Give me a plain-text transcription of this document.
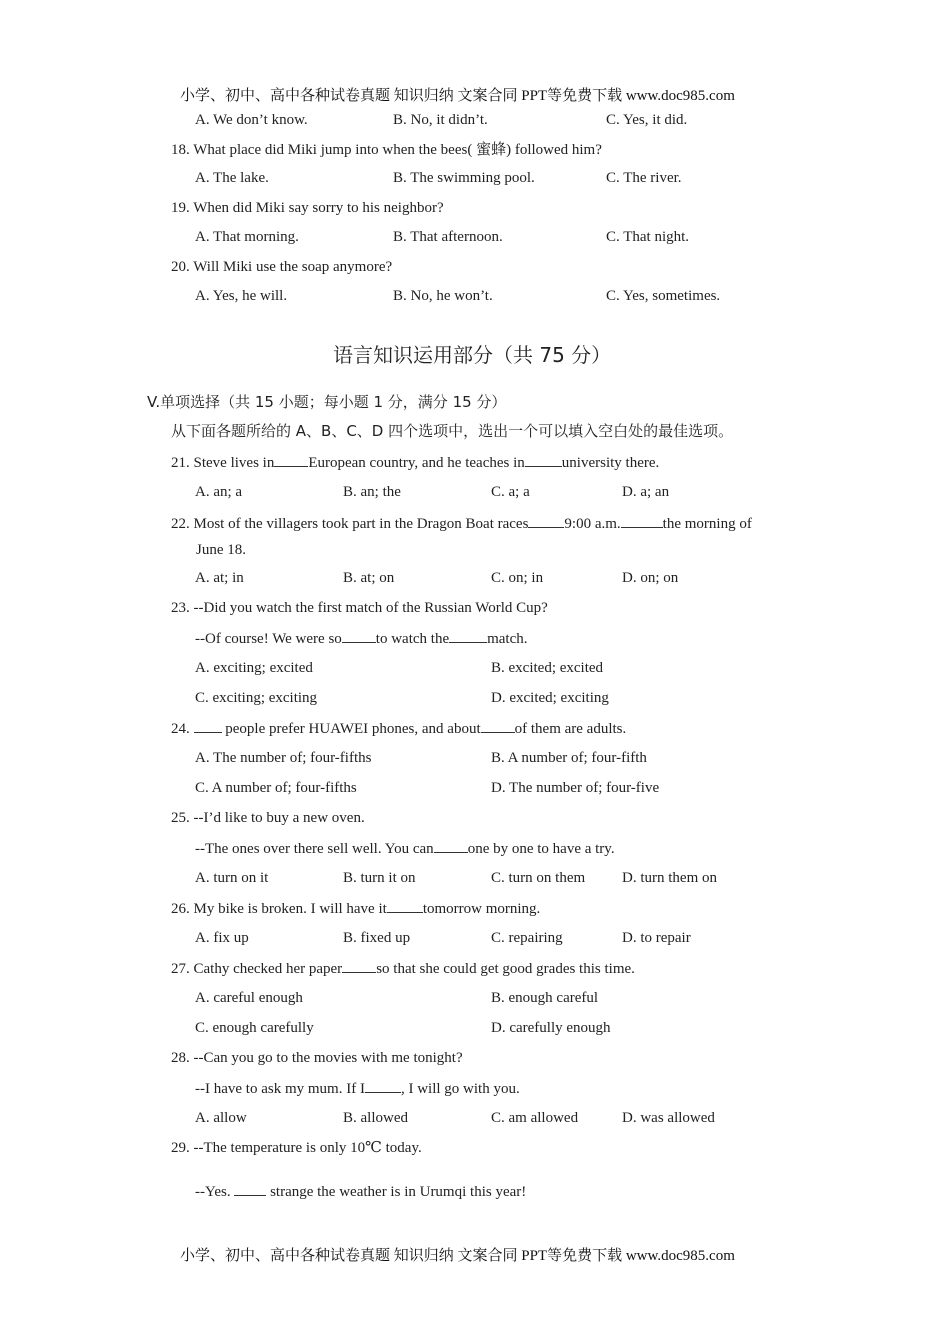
小学、初中、高中各种试卷真题 知识归纳 文案合同 PPT等免费下载 www.doc985.com
A. We don’t know.	B. No, it didn’t.	C. Yes, it did.
18. What place did Miki jump into when the bees( 蜜蜂) followed him?
A. The lake.	B. The swimming pool.	C. The river.
19. When did Miki say sorry to his neighbor?
A. That morning.	B. That afternoon.	C. That night.
20. Will Miki use the soap anymore?
A. Yes, he will.	B. No, he won’t.	C. Yes, sometimes.
语言知识运用部分（共 75 分）
V.单项选择（共 15 小题；每小题 1 分，满分 15 分）
从下面各题所给的 A、B、C、D 四个选项中，选出一个可以填入空白处的最佳选项。
21. Steve lives in European country, and he teaches in university there.
A. an; a	B. an; the	C. a; a	D. a; an
22. Most of the villagers took part in the Dragon Boat races 9:00 a.m.	the morning of
June 18.
A. at; in	B. at; on	C. on; in	D. on; on
23. --Did you watch the first match of the Russian World Cup?
--Of course! We were so to watch the	match.
A. exciting; excited	B. excited; excited
C. exciting; exciting	D. excited; exciting
24. people prefer HUAWEI phones, and about of them are adults.
A. The number of; four-fifths	B. A number of; four-fifth
C. A number of; four-fifths	D. The number of; four-five
25. --I’d like to buy a new oven.
--The ones over there sell well. You can one by one to have a try.
A. turn on it	B. turn it on	C. turn on them D. turn them on
26. My bike is broken. I will have it tomorrow morning.
A. fix up	B. fixed up	C. repairing	D. to repair
27. Cathy checked her paper so that she could get good grades this time.
A. careful enough	B. enough careful
C. enough carefully	D. carefully enough
28. --Can you go to the movies with me tonight?
--I have to ask my mum. If I , I will go with you.
A. allow	B. allowed	C. am allowed	D. was allowed
29. --The temperature is only 10℃ today.
--Yes.	strange the weather is in Urumqi this year!
小学、初中、高中各种试卷真题 知识归纳 文案合同 PPT等免费下载 www.doc985.com
